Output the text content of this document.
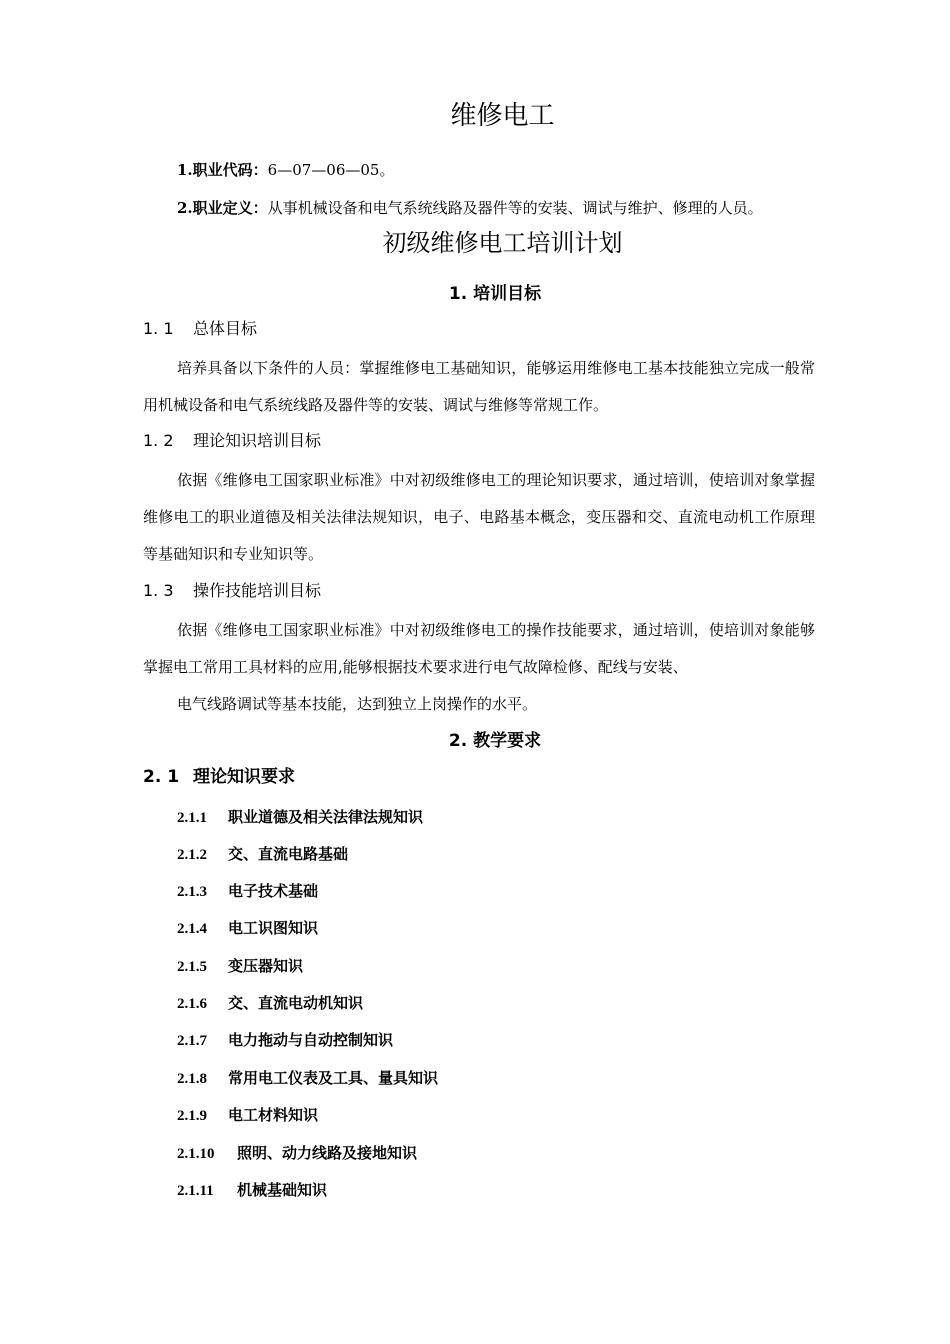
维修电工
1.职业代码：6—07—06—05。
2.职业定义：从事机械设备和电气系统线路及器件等的安装、调试与维护、修理的人员。
初级维修电工培训计划
1. 培训目标
1. 1 总体目标
培养具备以下条件的人员：掌握维修电工基础知识，能够运用维修电工基本技能独立完成一般常用机械设备和电气系统线路及器件等的安装、调试与维修等常规工作。
1. 2 理论知识培训目标
依据《维修电工国家职业标准》中对初级维修电工的理论知识要求，通过培训，使培训对象掌握维修电工的职业道德及相关法律法规知识，电子、电路基本概念，变压器和交、直流电动机工作原理等基础知识和专业知识等。
1. 3 操作技能培训目标
依据《维修电工国家职业标准》中对初级维修电工的操作技能要求，通过培训，使培训对象能够掌握电工常用工具材料的应用,能够根据技术要求进行电气故障检修、配线与安装、
电气线路调试等基本技能，达到独立上岗操作的水平。
2. 教学要求
2. 1 理论知识要求
2.1.1 职业道德及相关法律法规知识
2.1.2 交、直流电路基础
2.1.3 电子技术基础
2.1.4 电工识图知识
2.1.5 变压器知识
2.1.6 交、直流电动机知识
2.1.7 电力拖动与自动控制知识
2.1.8 常用电工仪表及工具、量具知识
2.1.9 电工材料知识
2.1.10 照明、动力线路及接地知识
2.1.11 机械基础知识
